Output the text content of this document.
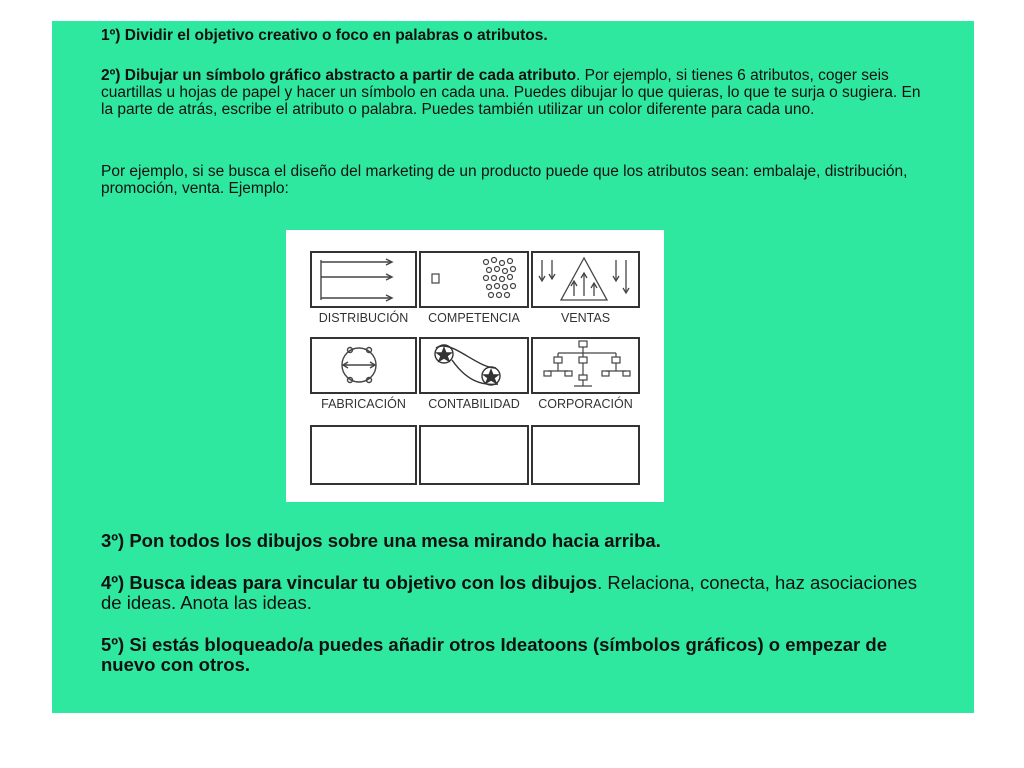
1º) Dividir el objetivo creativo o foco en palabras o atributos.

2º) Dibujar un símbolo gráfico abstracto a partir de cada atributo. Por ejemplo, si tienes 6 atributos, coger seis cuartillas u hojas de papel y hacer un símbolo en cada una. Puedes dibujar lo que quieras, lo que te surja o sugiera. En la parte de atrás, escribe el atributo o palabra. Puedes también utilizar un color diferente para cada uno.

Por ejemplo, si se busca el diseño del marketing de un producto puede que los atributos sean: embalaje, distribución, promoción, venta. Ejemplo:

DISTRIBUCIÓN COMPETENCIA	VENTAS
FABRICACIÓN CONTABILIDAD CORPORACIÓN

3º) Pon todos los dibujos sobre una mesa mirando hacia arriba.

4º) Busca ideas para vincular tu objetivo con los dibujos. Relaciona, conecta, haz asociaciones de ideas. Anota las ideas.

5º) Si estás bloqueado/a puedes añadir otros Ideatoons (símbolos gráficos) o empezar de nuevo con otros.
